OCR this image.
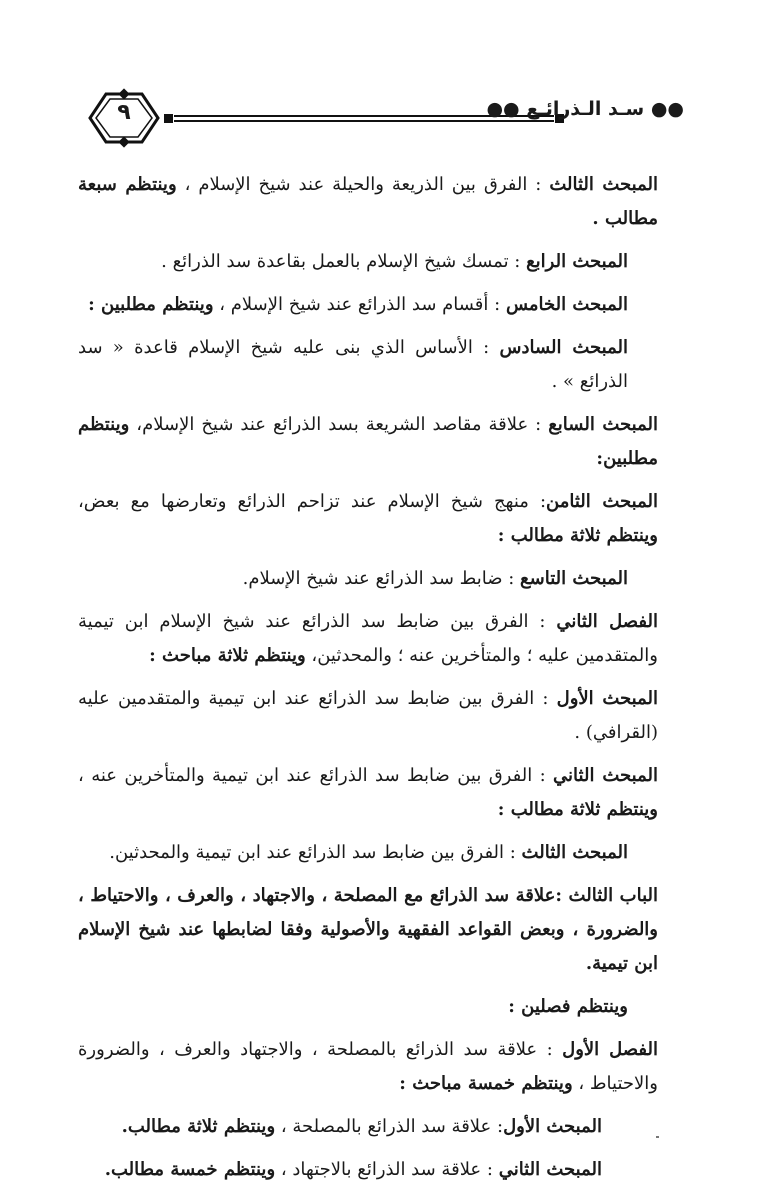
٩	●● سـد الـذرائـع ●●

المبحث الثالث : الفرق بين الذريعة والحيلة عند شيخ الإسلام ، وينتظم سبعة مطالب .

المبحث الرابع : تمسك شيخ الإسلام بالعمل بقاعدة سد الذرائع .

المبحث الخامس : أقسام سد الذرائع عند شيخ الإسلام ، وينتظم مطلبين :

المبحث السادس : الأساس الذي بنى عليه شيخ الإسلام قاعدة « سد الذرائع » .

المبحث السابع : علاقة مقاصد الشريعة بسد الذرائع عند شيخ الإسلام، وينتظم مطلبين:

المبحث الثامن: منهج شيخ الإسلام عند تزاحم الذرائع وتعارضها مع بعض، وينتظم ثلاثة مطالب :

المبحث التاسع : ضابط سد الذرائع عند شيخ الإسلام.

الفصل الثاني : الفرق بين ضابط سد الذرائع عند شيخ الإسلام ابن تيمية والمتقدمين عليه ؛ والمتأخرين عنه ؛ والمحدثين، وينتظم ثلاثة مباحث :

المبحث الأول : الفرق بين ضابط سد الذرائع عند ابن تيمية والمتقدمين عليه (القرافي) .

المبحث الثاني : الفرق بين ضابط سد الذرائع عند ابن تيمية والمتأخرين عنه ، وينتظم ثلاثة مطالب :

المبحث الثالث : الفرق بين ضابط سد الذرائع عند ابن تيمية والمحدثين.

الباب الثالث :علاقة سد الذرائع مع المصلحة ، والاجتهاد ، والعرف ، والاحتياط ، والضرورة ، وبعض القواعد الفقهية والأصولية وفقا لضابطها عند شيخ الإسلام ابن تيمية.

وينتظم فصلين :

الفصل الأول : علاقة سد الذرائع بالمصلحة ، والاجتهاد والعرف ، والضرورة والاحتياط ، وينتظم خمسة مباحث :

المبحث الأول: علاقة سد الذرائع بالمصلحة ، وينتظم ثلاثة مطالب.

المبحث الثاني : علاقة سد الذرائع بالاجتهاد ، وينتظم خمسة مطالب.
